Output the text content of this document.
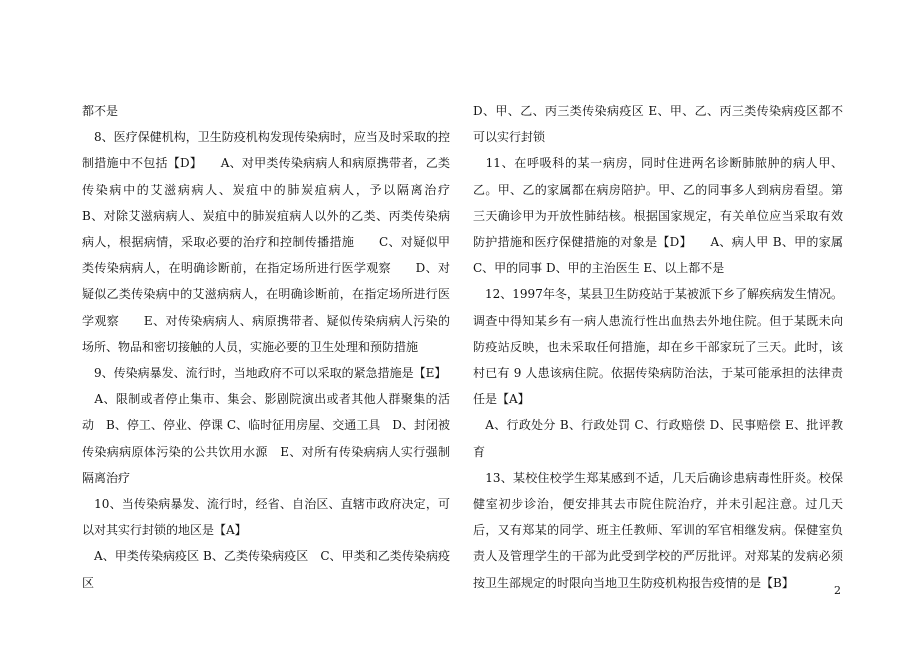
都不是

　8、医疗保健机构，卫生防疫机构发现传染病时，应当及时采取的控制措施中不包括【D】　　A、对甲类传染病病人和病原携带者，乙类传染病中的艾滋病病人、炭疽中的肺炭疽病人，予以隔离治疗　　B、对除艾滋病病人、炭疽中的肺炭疽病人以外的乙类、丙类传染病病人，根据病情，采取必要的治疗和控制传播措施　　C、对疑似甲类传染病病人，在明确诊断前，在指定场所进行医学观察　　D、对疑似乙类传染病中的艾滋病病人，在明确诊断前，在指定场所进行医学观察　　E、对传染病病人、病原携带者、疑似传染病病人污染的场所、物品和密切接触的人员，实施必要的卫生处理和预防措施

　9、传染病暴发、流行时，当地政府不可以采取的紧急措施是【E】

　A、限制或者停止集市、集会、影剧院演出或者其他人群聚集的活动　B、停工、停业、停课 C、临时征用房屋、交通工具　D、封闭被传染病病原体污染的公共饮用水源　E、对所有传染病病人实行强制隔离治疗

　10、当传染病暴发、流行时，经省、自治区、直辖市政府决定，可以对其实行封锁的地区是【A】

　A、甲类传染病疫区 B、乙类传染病疫区　C、甲类和乙类传染病疫区

D、甲、乙、丙三类传染病疫区 E、甲、乙、丙三类传染病疫区都不可以实行封锁

　11、在呼吸科的某一病房，同时住进两名诊断肺脓肿的病人甲、乙。甲、乙的家属都在病房陪护。甲、乙的同事多人到病房看望。第三天确诊甲为开放性肺结核。根据国家规定，有关单位应当采取有效防护措施和医疗保健措施的对象是【D】　　A、病人甲 B、甲的家属 C、甲的同事 D、甲的主治医生 E、以上都不是

　12、1997年冬，某县卫生防疫站于某被派下乡了解疾病发生情况。调查中得知某乡有一病人患流行性出血热去外地住院。但于某既未向防疫站反映，也未采取任何措施，却在乡干部家玩了三天。此时，该村已有 9 人患该病住院。依据传染病防治法，于某可能承担的法律责任是【A】

　A、行政处分 B、行政处罚 C、行政赔偿 D、民事赔偿 E、批评教育

　13、某校住校学生郑某感到不适，几天后确诊患病毒性肝炎。校保健室初步诊治，便安排其去市院住院治疗，并未引起注意。过几天后，又有郑某的同学、班主任教师、军训的军官相继发病。保健室负责人及管理学生的干部为此受到学校的严厉批评。对郑某的发病必须按卫生部规定的时限向当地卫生防疫机构报告疫情的是【B】

2
